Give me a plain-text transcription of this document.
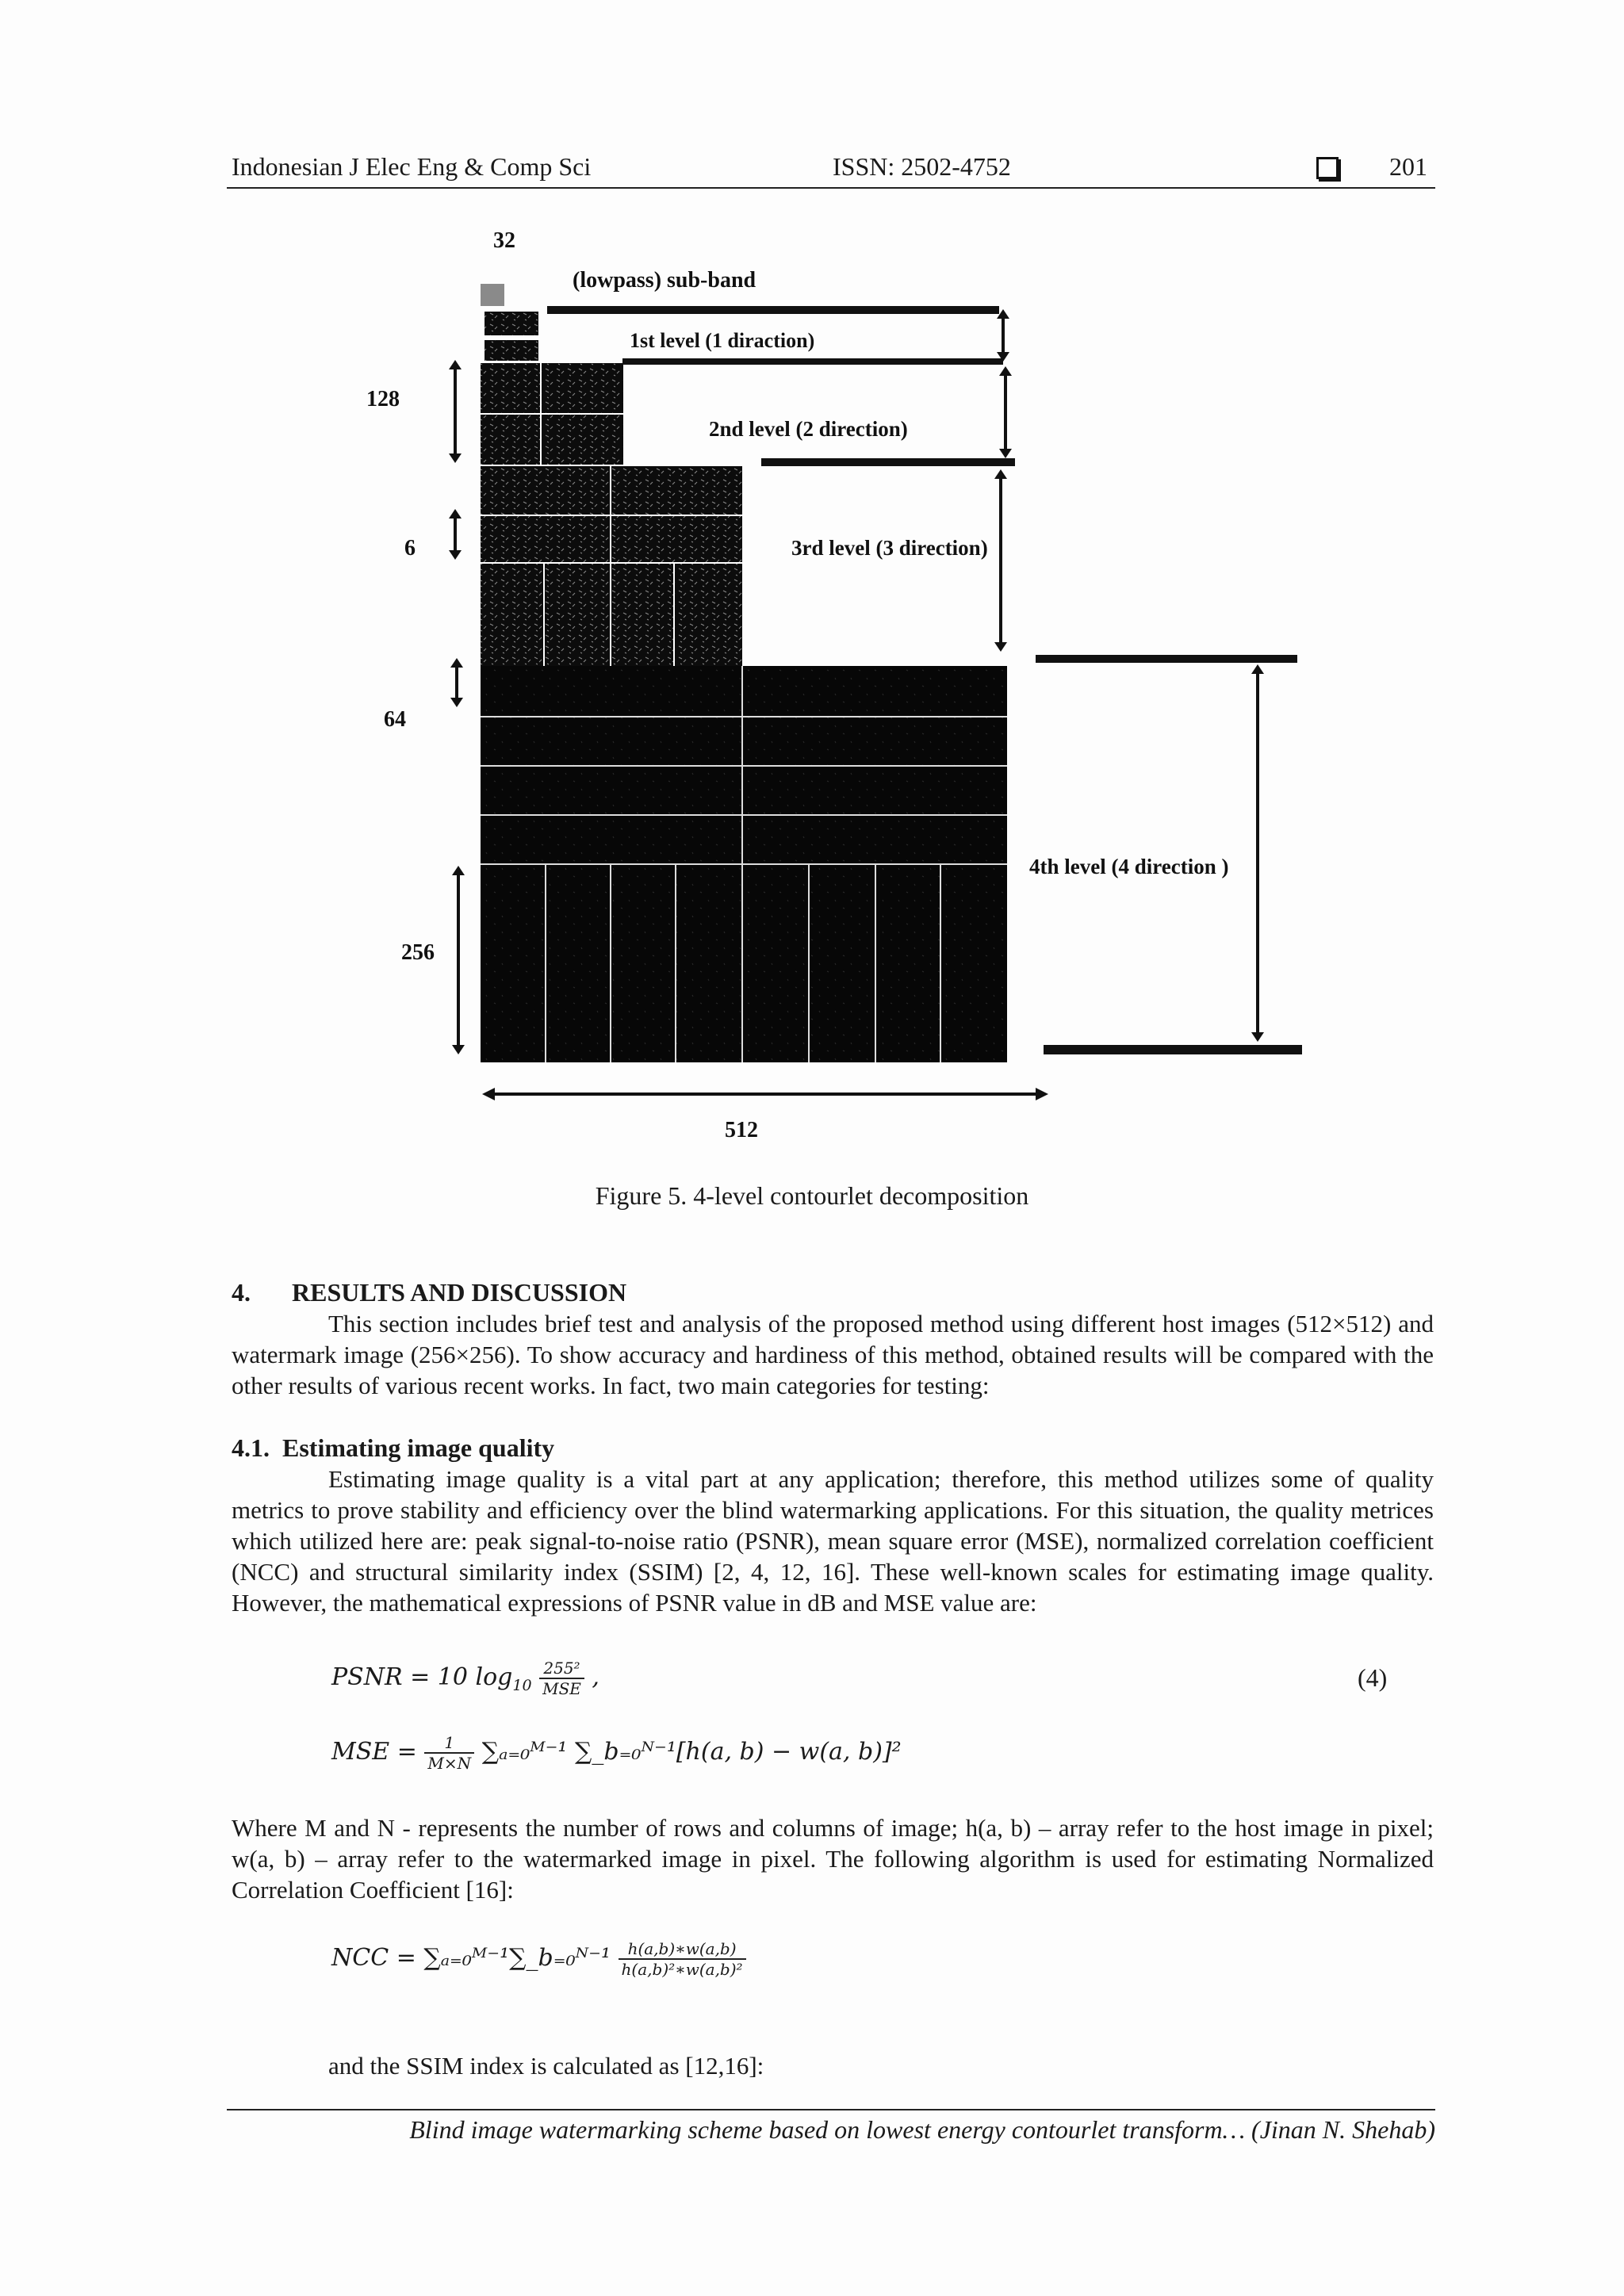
Indonesian J Elec Eng & Comp Sci	ISSN: 2502-4752	201
32
128
6
64
256
512
(lowpass) sub-band
1st level (1 diraction)
2nd level (2 direction)
3rd level (3 direction)
4th level (4 direction )
Figure 5. 4-level contourlet decomposition
4. RESULTS AND DISCUSSION
This section includes brief test and analysis of the proposed method using different host images (512×512) and watermark image (256×256). To show accuracy and hardiness of this method, obtained results will be compared with the other results of various recent works. In fact, two main categories for testing:
4.1.  Estimating image quality
Estimating image quality is a vital part at any application; therefore, this method utilizes some of quality metrics to prove stability and efficiency over the blind watermarking applications. For this situation, the quality metrices which utilized here are: peak signal-to-noise ratio (PSNR), mean square error (MSE), normalized correlation coefficient (NCC) and structural similarity index (SSIM) [2, 4, 12, 16]. These well-known scales for estimating image quality. However, the mathematical expressions of PSNR value in dB and MSE value are:
PSNR = 10 $\log_{10} \frac{\text{255²}}{\text{MSE}}$ ,	(4)
MSE = $\frac{1}{M\times N}$ ∑ₐ₌₀ᴹ⁻¹ ∑_b₌₀ᴺ⁻¹[h(a, b) − w(a, b)]²
Where M and N - represents the number of rows and columns of image; h(a, b) – array refer to the host image in pixel; w(a, b) – array refer to the watermarked image in pixel. The following algorithm is used for estimating Normalized Correlation Coefficient [16]:
NCC = ∑ₐ₌₀ᴹ⁻¹∑_b₌₀ᴺ⁻¹ $\frac{h(a,b)∗w(a,b)}{\text{h(a,b)²∗w(a,b)²}}$
and the SSIM index is calculated as [12,16]:
Blind image watermarking scheme based on lowest energy contourlet transform… (Jinan N. Shehab)
